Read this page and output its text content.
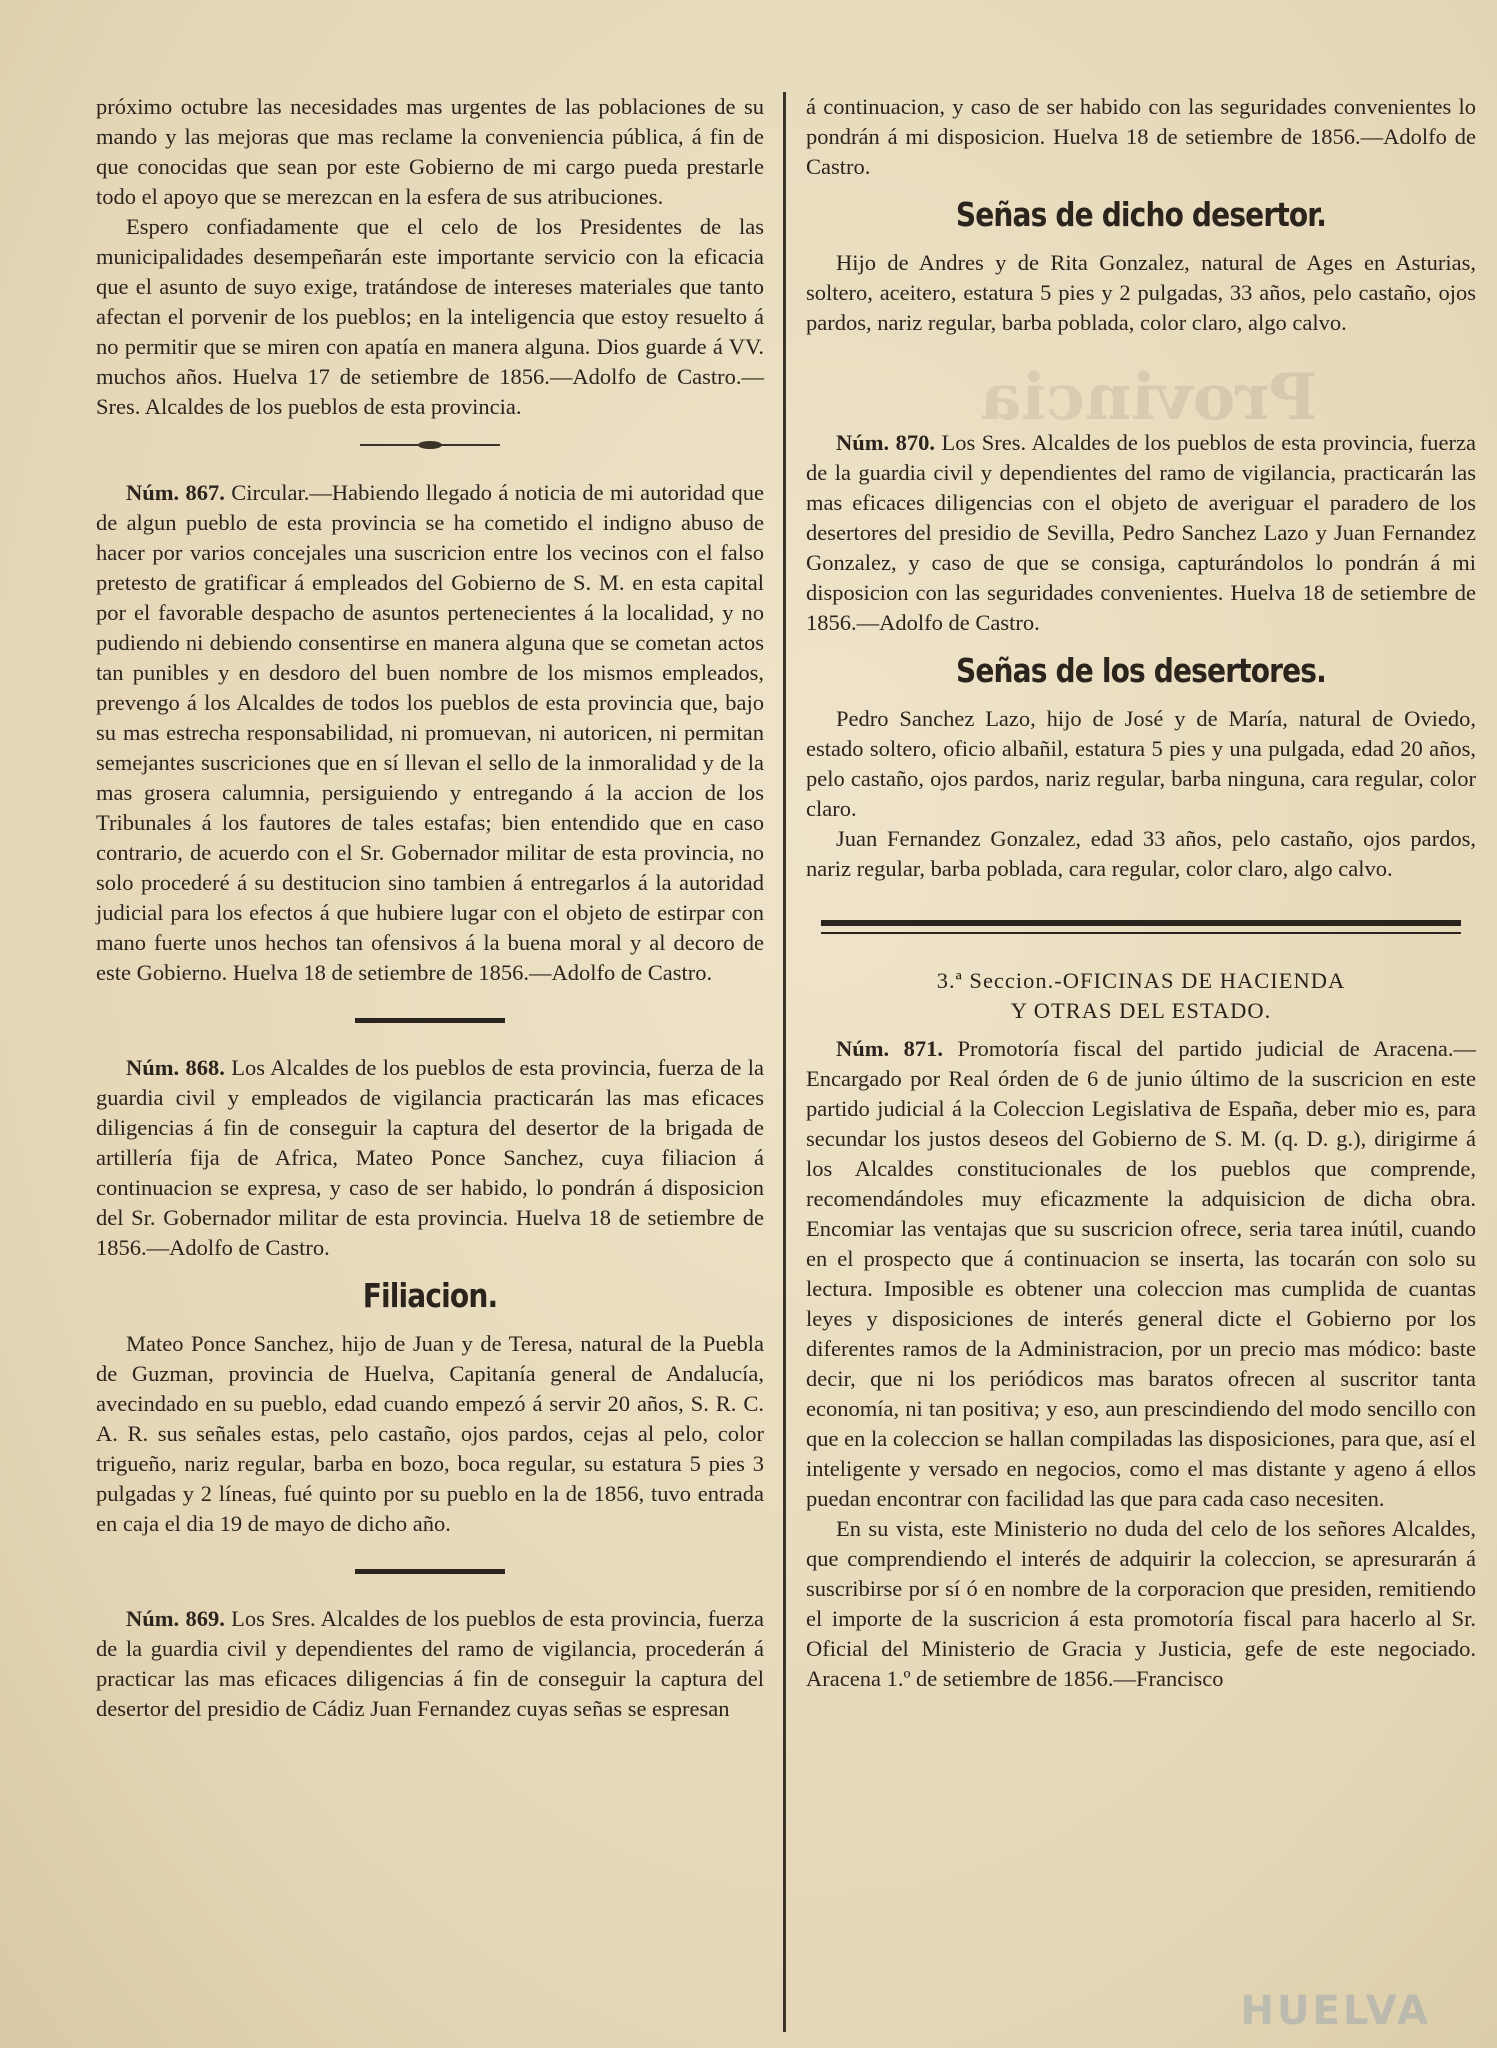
Provincia

próximo octubre las necesidades mas urgentes de las poblaciones de su mando y las mejoras que mas reclame la conveniencia pública, á fin de que conocidas que sean por este Gobierno de mi cargo pueda prestarle todo el apoyo que se merezcan en la esfera de sus atribuciones.

Espero confiadamente que el celo de los Presidentes de las municipalidades desempeñarán este importante servicio con la eficacia que el asunto de suyo exige, tratándose de intereses materiales que tanto afectan el porvenir de los pueblos; en la inteligencia que estoy resuelto á no permitir que se miren con apatía en manera alguna. Dios guarde á VV. muchos años. Huelva 17 de setiembre de 1856.—Adolfo de Castro.—Sres. Alcaldes de los pueblos de esta provincia.

Núm. 867. Circular.—Habiendo llegado á noticia de mi autoridad que de algun pueblo de esta provincia se ha cometido el indigno abuso de hacer por varios concejales una suscricion entre los vecinos con el falso pretesto de gratificar á empleados del Gobierno de S. M. en esta capital por el favorable despacho de asuntos pertenecientes á la localidad, y no pudiendo ni debiendo consentirse en manera alguna que se cometan actos tan punibles y en desdoro del buen nombre de los mismos empleados, prevengo á los Alcaldes de todos los pueblos de esta provincia que, bajo su mas estrecha responsabilidad, ni promuevan, ni autoricen, ni permitan semejantes suscriciones que en sí llevan el sello de la inmoralidad y de la mas grosera calumnia, persiguiendo y entregando á la accion de los Tribunales á los fautores de tales estafas; bien entendido que en caso contrario, de acuerdo con el Sr. Gobernador militar de esta provincia, no solo procederé á su destitucion sino tambien á entregarlos á la autoridad judicial para los efectos á que hubiere lugar con el objeto de estirpar con mano fuerte unos hechos tan ofensivos á la buena moral y al decoro de este Gobierno. Huelva 18 de setiembre de 1856.—Adolfo de Castro.

Núm. 868. Los Alcaldes de los pueblos de esta provincia, fuerza de la guardia civil y empleados de vigilancia practicarán las mas eficaces diligencias á fin de conseguir la captura del desertor de la brigada de artillería fija de Africa, Mateo Ponce Sanchez, cuya filiacion á continuacion se expresa, y caso de ser habido, lo pondrán á disposicion del Sr. Gobernador militar de esta provincia. Huelva 18 de setiembre de 1856.—Adolfo de Castro.

Filiacion.

Mateo Ponce Sanchez, hijo de Juan y de Teresa, natural de la Puebla de Guzman, provincia de Huelva, Capitanía general de Andalucía, avecindado en su pueblo, edad cuando empezó á servir 20 años, S. R. C. A. R. sus señales estas, pelo castaño, ojos pardos, cejas al pelo, color trigueño, nariz regular, barba en bozo, boca regular, su estatura 5 pies 3 pulgadas y 2 líneas, fué quinto por su pueblo en la de 1856, tuvo entrada en caja el dia 19 de mayo de dicho año.

Núm. 869. Los Sres. Alcaldes de los pueblos de esta provincia, fuerza de la guardia civil y dependientes del ramo de vigilancia, procederán á practicar las mas eficaces diligencias á fin de conseguir la captura del desertor del presidio de Cádiz Juan Fernandez cuyas señas se espresan

á continuacion, y caso de ser habido con las seguridades convenientes lo pondrán á mi disposicion. Huelva 18 de setiembre de 1856.—Adolfo de Castro.

Señas de dicho desertor.

Hijo de Andres y de Rita Gonzalez, natural de Ages en Asturias, soltero, aceitero, estatura 5 pies y 2 pulgadas, 33 años, pelo castaño, ojos pardos, nariz regular, barba poblada, color claro, algo calvo.

Núm. 870. Los Sres. Alcaldes de los pueblos de esta provincia, fuerza de la guardia civil y dependientes del ramo de vigilancia, practicarán las mas eficaces diligencias con el objeto de averiguar el paradero de los desertores del presidio de Sevilla, Pedro Sanchez Lazo y Juan Fernandez Gonzalez, y caso de que se consiga, capturándolos lo pondrán á mi disposicion con las seguridades convenientes. Huelva 18 de setiembre de 1856.—Adolfo de Castro.

Señas de los desertores.

Pedro Sanchez Lazo, hijo de José y de María, natural de Oviedo, estado soltero, oficio albañil, estatura 5 pies y una pulgada, edad 20 años, pelo castaño, ojos pardos, nariz regular, barba ninguna, cara regular, color claro.

Juan Fernandez Gonzalez, edad 33 años, pelo castaño, ojos pardos, nariz regular, barba poblada, cara regular, color claro, algo calvo.

3.ª Seccion.-OFICINAS DE HACIENDA
Y OTRAS DEL ESTADO.

Núm. 871. Promotoría fiscal del partido judicial de Aracena.—Encargado por Real órden de 6 de junio último de la suscricion en este partido judicial á la Coleccion Legislativa de España, deber mio es, para secundar los justos deseos del Gobierno de S. M. (q. D. g.), dirigirme á los Alcaldes constitucionales de los pueblos que comprende, recomendándoles muy eficazmente la adquisicion de dicha obra. Encomiar las ventajas que su suscricion ofrece, seria tarea inútil, cuando en el prospecto que á continuacion se inserta, las tocarán con solo su lectura. Imposible es obtener una coleccion mas cumplida de cuantas leyes y disposiciones de interés general dicte el Gobierno por los diferentes ramos de la Administracion, por un precio mas módico: baste decir, que ni los periódicos mas baratos ofrecen al suscritor tanta economía, ni tan positiva; y eso, aun prescindiendo del modo sencillo con que en la coleccion se hallan compiladas las disposiciones, para que, así el inteligente y versado en negocios, como el mas distante y ageno á ellos puedan encontrar con facilidad las que para cada caso necesiten.

En su vista, este Ministerio no duda del celo de los señores Alcaldes, que comprendiendo el interés de adquirir la coleccion, se apresurarán á suscribirse por sí ó en nombre de la corporacion que presiden, remitiendo el importe de la suscricion á esta promotoría fiscal para hacerlo al Sr. Oficial del Ministerio de Gracia y Justicia, gefe de este negociado. Aracena 1.º de setiembre de 1856.—Francisco

HUELVA
